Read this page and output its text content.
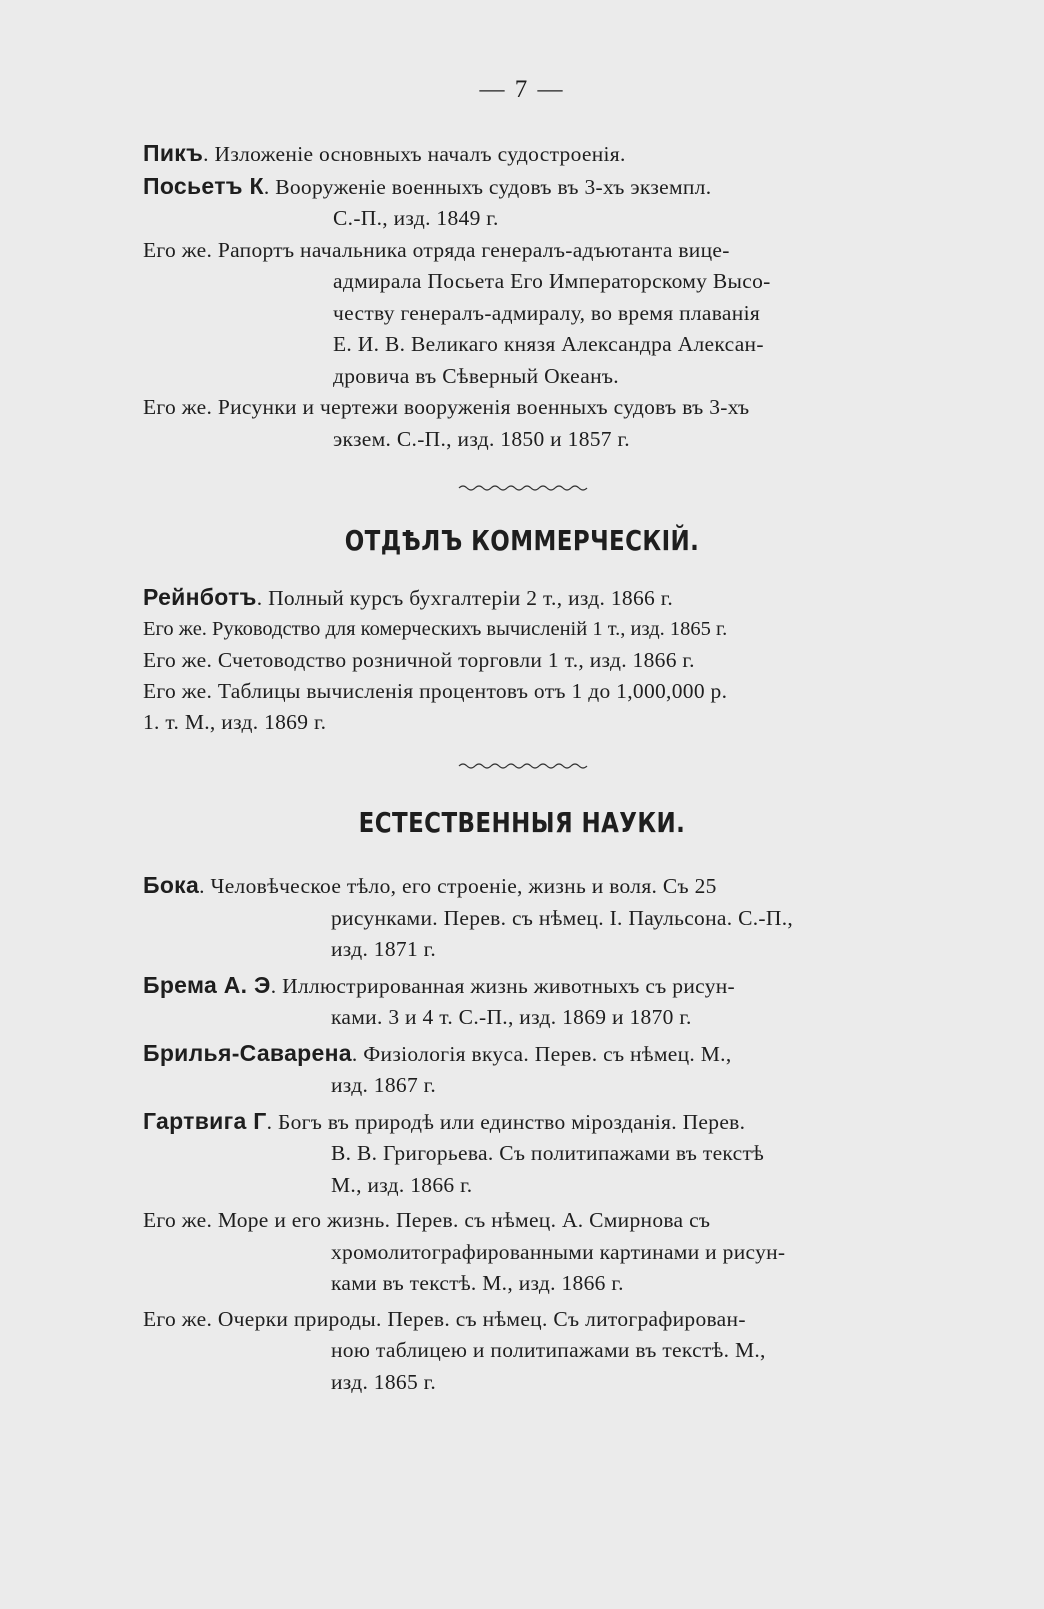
— 7 —
Пикъ. Изложеніе основныхъ началъ судостроенія.
Посьетъ К. Вооруженіе военныхъ судовъ въ 3-хъ экземпл.
С.-П., изд. 1849 г.
Его же. Рапортъ начальника отряда генералъ-адъютанта вице-
адмирала Посьета Его Императорскому Высо-
честву генералъ-адмиралу, во время плаванія
Е. И. В. Великаго князя Александра Алексан-
дровича въ Сѣверный Океанъ.
Его же. Рисунки и чертежи вооруженія военныхъ судовъ въ 3-хъ
экзем. С.-П., изд. 1850 и 1857 г.
ОТДѢЛЪ КОММЕРЧЕСКІЙ.
Рейнботъ. Полный курсъ бухгалтеріи 2 т., изд. 1866 г.
Его же. Руководство для комерческихъ вычисленій 1 т., изд. 1865 г.
Его же. Счетоводство розничной торговли 1 т., изд. 1866 г.
Его же. Таблицы вычисленія процентовъ отъ 1 до 1,000,000 р.
1. т. М., изд. 1869 г.
ЕСТЕСТВЕННЫЯ НАУКИ.
Бока. Человѣческое тѣло, его строеніе, жизнь и воля. Съ 25
рисунками. Перев. съ нѣмец. I. Паульсона. С.-П.,
изд. 1871 г.
Брема А. Э. Иллюстрированная жизнь животныхъ съ рисун-
ками. 3 и 4 т. С.-П., изд. 1869 и 1870 г.
Брилья-Саварена. Физіологія вкуса. Перев. съ нѣмец. М.,
изд. 1867 г.
Гартвига Г. Богъ въ природѣ или единство мірозданія. Перев.
В. В. Григорьева. Съ политипажами въ текстѣ
М., изд. 1866 г.
Его же. Море и его жизнь. Перев. съ нѣмец. А. Смирнова съ
хромолитографированными картинами и рисун-
ками въ текстѣ. М., изд. 1866 г.
Его же. Очерки природы. Перев. съ нѣмец. Съ литографирован-
ною таблицею и политипажами въ текстѣ. М.,
изд. 1865 г.
